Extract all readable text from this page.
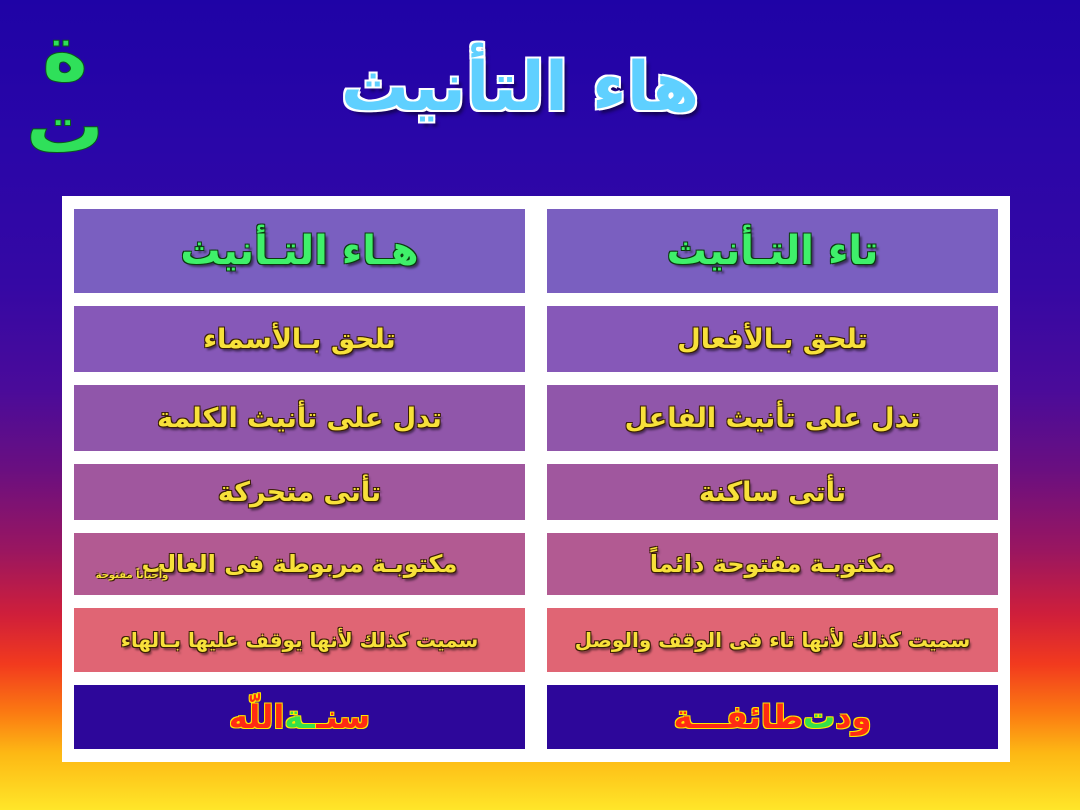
ة
ت	هاء التأنيث
تاء التـأنيث
هـاء التـأنيث
تلحق بـالأفعال
تلحق بـالأسماء
تدل على تأنيث الفاعل
تدل على تأنيث الكلمة
تأتى ساكنة
تأتى متحركة
مكتوبـة مفتوحة دائماً
مكتوبـة مربوطة فى الغالب
وأحياناً مفتوحة
سميت كذلك لأنها تاء فى الوقف والوصل
سميت كذلك لأنها يوقف عليها بـالهاء
ود
ت
طائفـــة
سنـ
ـة
اللّه
